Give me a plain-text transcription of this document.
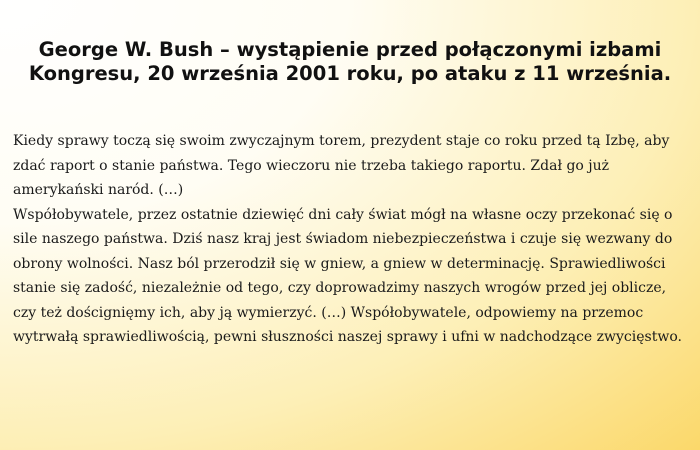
George W. Bush – wystąpienie przed połączonymi izbami
Kongresu, 20 września 2001 roku, po ataku z 11 września.

Kiedy sprawy toczą się swoim zwyczajnym torem, prezydent staje co roku przed tą Izbę, aby zdać raport o stanie państwa. Tego wieczoru nie trzeba takiego raportu. Zdał go już amerykański naród. (…)

Współobywatele, przez ostatnie dziewięć dni cały świat mógł na własne oczy przekonać się o sile naszego państwa. Dziś nasz kraj jest świadom niebezpieczeństwa i czuje się wezwany do obrony wolności. Nasz ból przerodził się w gniew, a gniew w determinację. Sprawiedliwości stanie się zadość, niezależnie od tego, czy doprowadzimy naszych wrogów przed jej oblicze, czy też doścignięmy ich, aby ją wymierzyć. (…) Współobywatele, odpowiemy na przemoc wytrwałą sprawiedliwością, pewni słuszności naszej sprawy i ufni w nadchodzące zwycięstwo.
